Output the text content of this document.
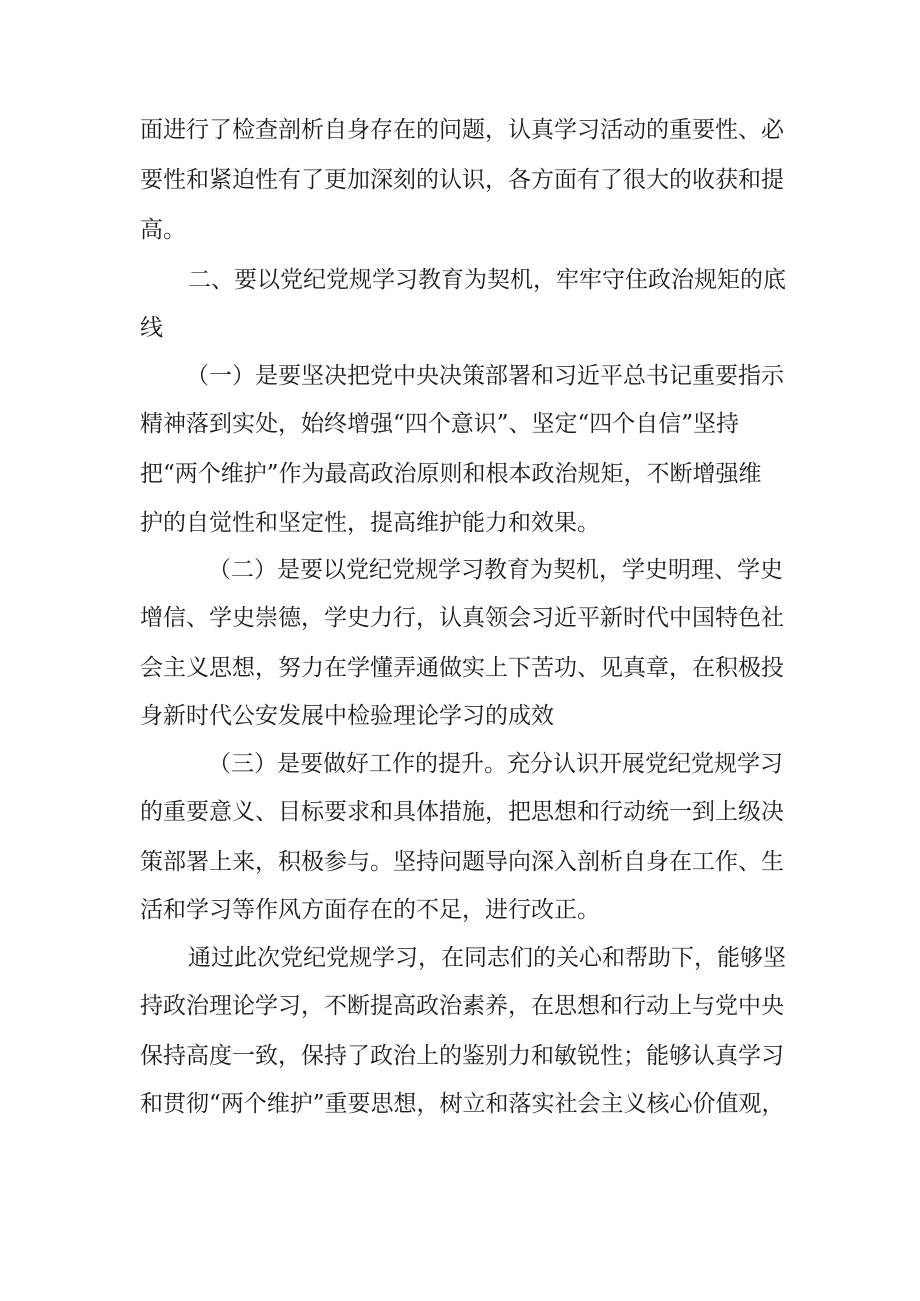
面进行了检查剖析自身存在的问题，认真学习活动的重要性、必

要性和紧迫性有了更加深刻的认识，各方面有了很大的收获和提

高。

二、要以党纪党规学习教育为契机，牢牢守住政治规矩的底

线

（一）是要坚决把党中央决策部署和习近平总书记重要指示

精神落到实处，始终增强“四个意识”、坚定“四个自信”坚持

把“两个维护”作为最高政治原则和根本政治规矩，不断增强维

护的自觉性和坚定性，提高维护能力和效果。

（二）是要以党纪党规学习教育为契机，学史明理、学史

增信、学史崇德，学史力行，认真领会习近平新时代中国特色社

会主义思想，努力在学懂弄通做实上下苦功、见真章，在积极投

身新时代公安发展中检验理论学习的成效

（三）是要做好工作的提升。充分认识开展党纪党规学习

的重要意义、目标要求和具体措施，把思想和行动统一到上级决

策部署上来，积极参与。坚持问题导向深入剖析自身在工作、生

活和学习等作风方面存在的不足，进行改正。

通过此次党纪党规学习，在同志们的关心和帮助下，能够坚

持政治理论学习，不断提高政治素养，在思想和行动上与党中央

保持高度一致，保持了政治上的鉴别力和敏锐性；能够认真学习

和贯彻“两个维护”重要思想，树立和落实社会主义核心价值观，
